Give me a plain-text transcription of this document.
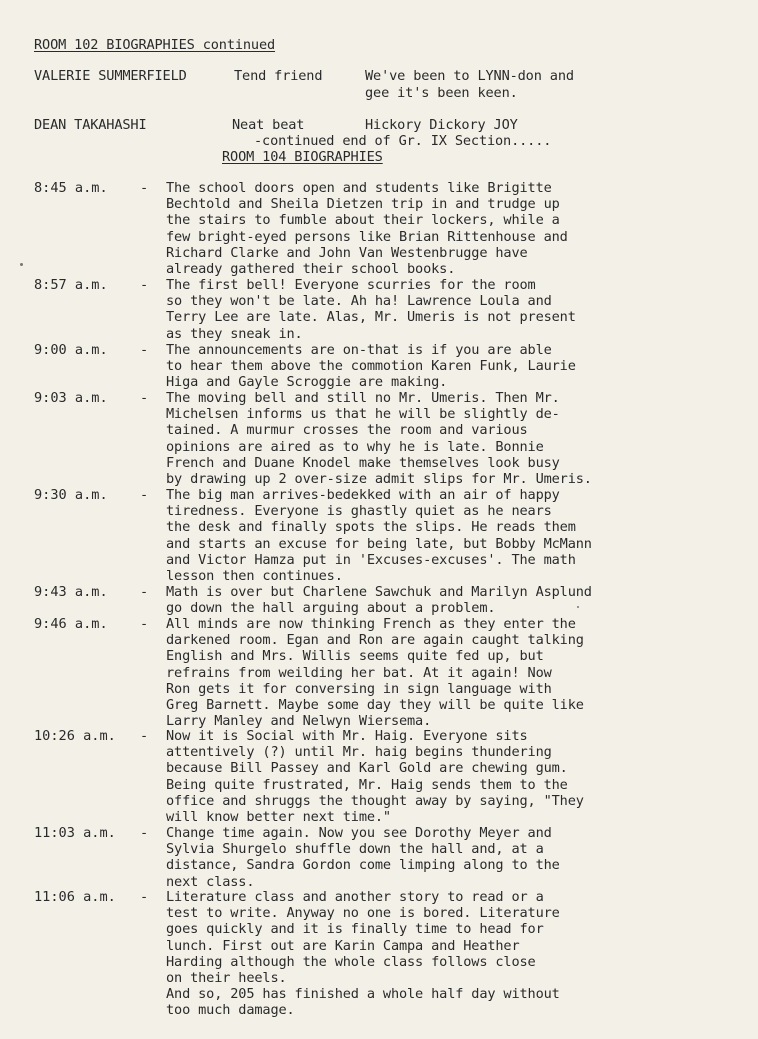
ROOM 102 BIOGRAPHIES continued
VALERIE SUMMERFIELD	Tend friend	We've been to LYNN-don and
gee it's been keen.
DEAN TAKAHASHI	Neat beat	Hickory Dickory JOY
-continued end of Gr. IX Section.....
ROOM 104 BIOGRAPHIES
8:45 a.m. - The school doors open and students like Brigitte
Bechtold and Sheila Dietzen trip in and trudge up
the stairs to fumble about their lockers, while a
few bright-eyed persons like Brian Rittenhouse and
Richard Clarke and John Van Westenbrugge have
already gathered their school books.
8:57 a.m. - The first bell! Everyone scurries for the room
so they won't be late. Ah ha! Lawrence Loula and
Terry Lee are late. Alas, Mr. Umeris is not present
as they sneak in.
9:00 a.m. - The announcements are on-that is if you are able
to hear them above the commotion Karen Funk, Laurie
Higa and Gayle Scroggie are making.
9:03 a.m. - The moving bell and still no Mr. Umeris. Then Mr.
Michelsen informs us that he will be slightly de-
tained. A murmur crosses the room and various
opinions are aired as to why he is late. Bonnie
French and Duane Knodel make themselves look busy
by drawing up 2 over-size admit slips for Mr. Umeris.
9:30 a.m. - The big man arrives-bedekked with an air of happy
tiredness. Everyone is ghastly quiet as he nears
the desk and finally spots the slips. He reads them
and starts an excuse for being late, but Bobby McMann
and Victor Hamza put in 'Excuses-excuses'. The math
lesson then continues.
9:43 a.m. - Math is over but Charlene Sawchuk and Marilyn Asplund
go down the hall arguing about a problem.
9:46 a.m. - All minds are now thinking French as they enter the
darkened room. Egan and Ron are again caught talking
English and Mrs. Willis seems quite fed up, but
refrains from weilding her bat. At it again! Now
Ron gets it for conversing in sign language with
Greg Barnett. Maybe some day they will be quite like
Larry Manley and Nelwyn Wiersema.
10:26 a.m. - Now it is Social with Mr. Haig. Everyone sits
attentively (?) until Mr. haig begins thundering
because Bill Passey and Karl Gold are chewing gum.
Being quite frustrated, Mr. Haig sends them to the
office and shruggs the thought away by saying, "They
will know better next time."
11:03 a.m. - Change time again. Now you see Dorothy Meyer and
Sylvia Shurgelo shuffle down the hall and, at a
distance, Sandra Gordon come limping along to the
next class.
11:06 a.m. - Literature class and another story to read or a
test to write. Anyway no one is bored. Literature
goes quickly and it is finally time to head for
lunch. First out are Karin Campa and Heather
Harding although the whole class follows close
on their heels.
And so, 205 has finished a whole half day without
too much damage.
